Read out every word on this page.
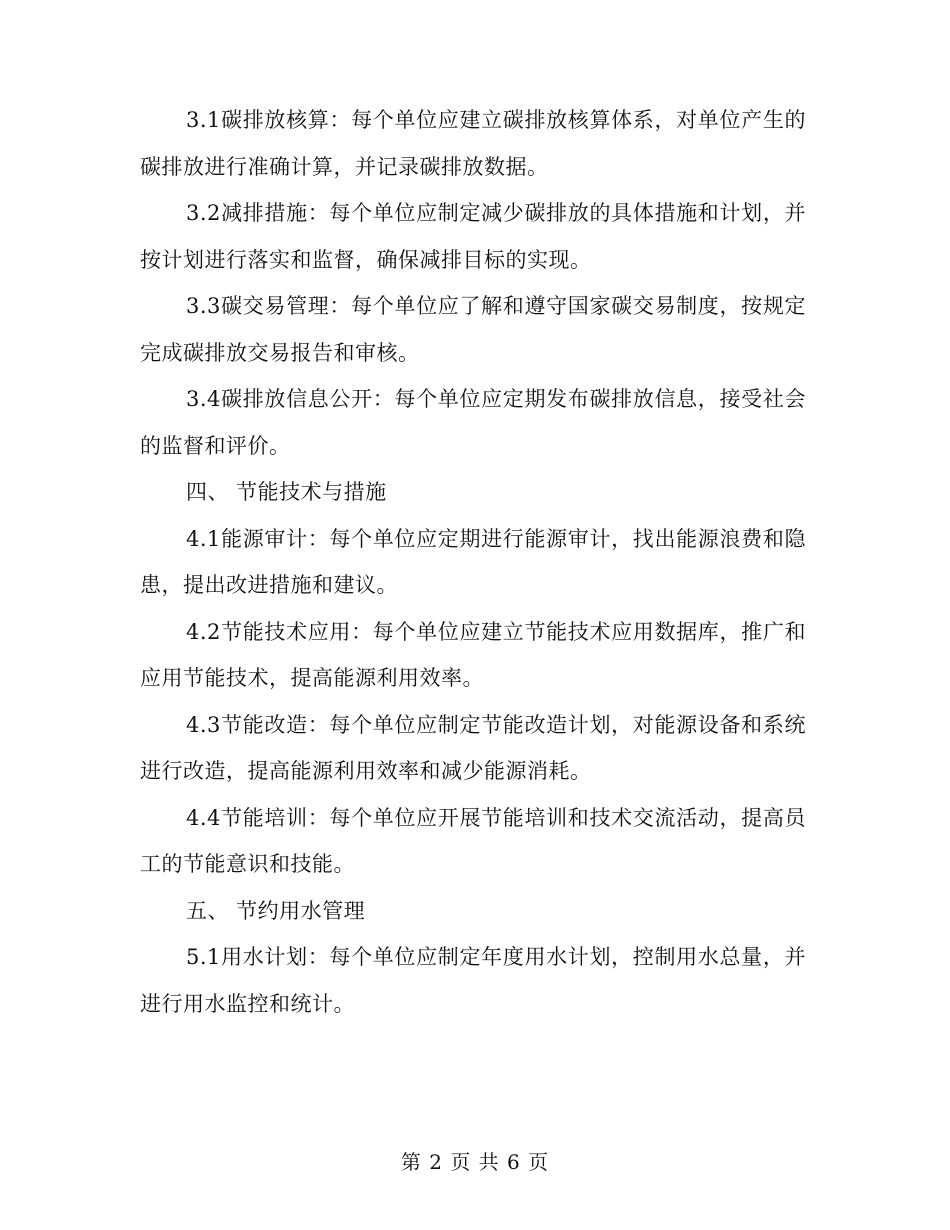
3.1碳排放核算：每个单位应建立碳排放核算体系，对单位产生的碳排放进行准确计算，并记录碳排放数据。

3.2减排措施：每个单位应制定减少碳排放的具体措施和计划，并按计划进行落实和监督，确保减排目标的实现。

3.3碳交易管理：每个单位应了解和遵守国家碳交易制度，按规定完成碳排放交易报告和审核。

3.4碳排放信息公开：每个单位应定期发布碳排放信息，接受社会的监督和评价。

四、 节能技术与措施

4.1能源审计：每个单位应定期进行能源审计，找出能源浪费和隐患，提出改进措施和建议。

4.2节能技术应用：每个单位应建立节能技术应用数据库，推广和应用节能技术，提高能源利用效率。

4.3节能改造：每个单位应制定节能改造计划，对能源设备和系统进行改造，提高能源利用效率和减少能源消耗。

4.4节能培训：每个单位应开展节能培训和技术交流活动，提高员工的节能意识和技能。

五、 节约用水管理

5.1用水计划：每个单位应制定年度用水计划，控制用水总量，并进行用水监控和统计。

第 2 页 共 6 页
